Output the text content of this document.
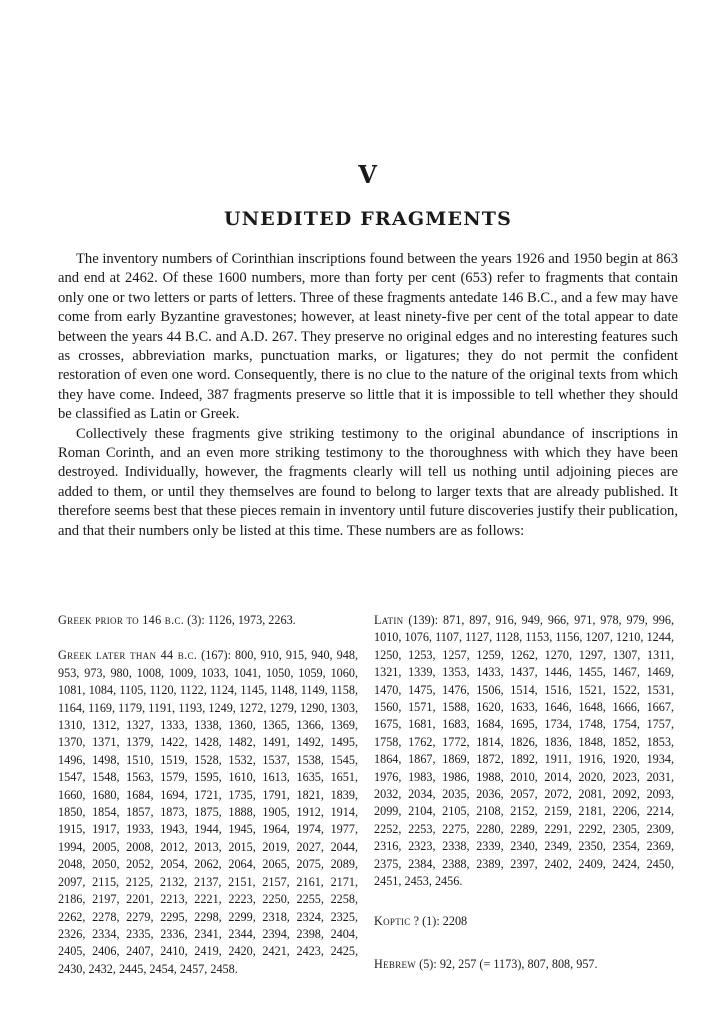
V
UNEDITED FRAGMENTS

The inventory numbers of Corinthian inscriptions found between the years 1926 and 1950 begin at 863 and end at 2462. Of these 1600 numbers, more than forty per cent (653) refer to fragments that contain only one or two letters or parts of letters. Three of these fragments antedate 146 B.C., and a few may have come from early Byzantine gravestones; however, at least ninety-five per cent of the total appear to date between the years 44 B.C. and A.D. 267. They preserve no original edges and no interesting features such as crosses, abbreviation marks, punctuation marks, or ligatures; they do not permit the confident restoration of even one word. Consequently, there is no clue to the nature of the original texts from which they have come. Indeed, 387 fragments preserve so little that it is impossible to tell whether they should be classified as Latin or Greek.

Collectively these fragments give striking testimony to the original abundance of inscriptions in Roman Corinth, and an even more striking testimony to the thoroughness with which they have been destroyed. Individually, however, the fragments clearly will tell us nothing until adjoining pieces are added to them, or until they themselves are found to belong to larger texts that are already published. It therefore seems best that these pieces remain in inventory until future discoveries justify their publication, and that their numbers only be listed at this time. These numbers are as follows:

Greek prior to 146 b.c. (3): 1126, 1973, 2263.

Greek later than 44 b.c. (167): 800, 910, 915, 940, 948, 953, 973, 980, 1008, 1009, 1033, 1041, 1050, 1059, 1060, 1081, 1084, 1105, 1120, 1122, 1124, 1145, 1148, 1149, 1158, 1164, 1169, 1179, 1191, 1193, 1249, 1272, 1279, 1290, 1303, 1310, 1312, 1327, 1333, 1338, 1360, 1365, 1366, 1369, 1370, 1371, 1379, 1422, 1428, 1482, 1491, 1492, 1495, 1496, 1498, 1510, 1519, 1528, 1532, 1537, 1538, 1545, 1547, 1548, 1563, 1579, 1595, 1610, 1613, 1635, 1651, 1660, 1680, 1684, 1694, 1721, 1735, 1791, 1821, 1839, 1850, 1854, 1857, 1873, 1875, 1888, 1905, 1912, 1914, 1915, 1917, 1933, 1943, 1944, 1945, 1964, 1974, 1977, 1994, 2005, 2008, 2012, 2013, 2015, 2019, 2027, 2044, 2048, 2050, 2052, 2054, 2062, 2064, 2065, 2075, 2089, 2097, 2115, 2125, 2132, 2137, 2151, 2157, 2161, 2171, 2186, 2197, 2201, 2213, 2221, 2223, 2250, 2255, 2258, 2262, 2278, 2279, 2295, 2298, 2299, 2318, 2324, 2325, 2326, 2334, 2335, 2336, 2341, 2344, 2394, 2398, 2404, 2405, 2406, 2407, 2410, 2419, 2420, 2421, 2423, 2425, 2430, 2432, 2445, 2454, 2457, 2458.

Latin (139): 871, 897, 916, 949, 966, 971, 978, 979, 996, 1010, 1076, 1107, 1127, 1128, 1153, 1156, 1207, 1210, 1244, 1250, 1253, 1257, 1259, 1262, 1270, 1297, 1307, 1311, 1321, 1339, 1353, 1433, 1437, 1446, 1455, 1467, 1469, 1470, 1475, 1476, 1506, 1514, 1516, 1521, 1522, 1531, 1560, 1571, 1588, 1620, 1633, 1646, 1648, 1666, 1667, 1675, 1681, 1683, 1684, 1695, 1734, 1748, 1754, 1757, 1758, 1762, 1772, 1814, 1826, 1836, 1848, 1852, 1853, 1864, 1867, 1869, 1872, 1892, 1911, 1916, 1920, 1934, 1976, 1983, 1986, 1988, 2010, 2014, 2020, 2023, 2031, 2032, 2034, 2035, 2036, 2057, 2072, 2081, 2092, 2093, 2099, 2104, 2105, 2108, 2152, 2159, 2181, 2206, 2214, 2252, 2253, 2275, 2280, 2289, 2291, 2292, 2305, 2309, 2316, 2323, 2338, 2339, 2340, 2349, 2350, 2354, 2369, 2375, 2384, 2388, 2389, 2397, 2402, 2409, 2424, 2450, 2451, 2453, 2456.

Koptic ? (1): 2208

Hebrew (5): 92, 257 (= 1173), 807, 808, 957.
